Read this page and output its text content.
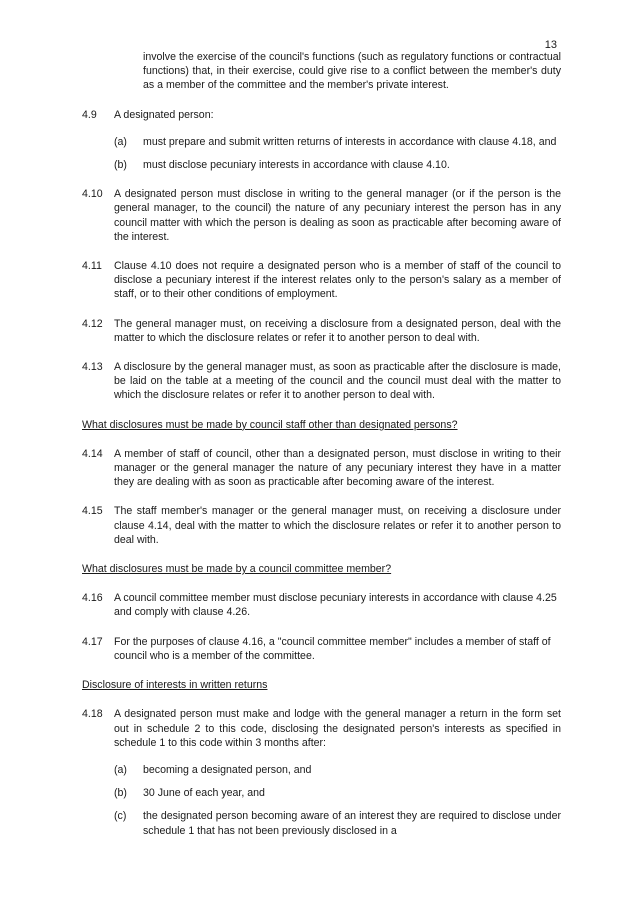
13

involve the exercise of the council's functions (such as regulatory functions or contractual functions) that, in their exercise, could give rise to a conflict between the member's duty as a member of the committee and the member's private interest.

4.9	A designated person:
(a)	must prepare and submit written returns of interests in accordance with clause 4.18, and
(b)	must disclose pecuniary interests in accordance with clause 4.10.
4.10	A designated person must disclose in writing to the general manager (or if the person is the general manager, to the council) the nature of any pecuniary interest the person has in any council matter with which the person is dealing as soon as practicable after becoming aware of the interest.
4.11	Clause 4.10 does not require a designated person who is a member of staff of the council to disclose a pecuniary interest if the interest relates only to the person's salary as a member of staff, or to their other conditions of employment.
4.12	The general manager must, on receiving a disclosure from a designated person, deal with the matter to which the disclosure relates or refer it to another person to deal with.
4.13	A disclosure by the general manager must, as soon as practicable after the disclosure is made, be laid on the table at a meeting of the council and the council must deal with the matter to which the disclosure relates or refer it to another person to deal with.

What disclosures must be made by council staff other than designated persons?

4.14	A member of staff of council, other than a designated person, must disclose in writing to their manager or the general manager the nature of any pecuniary interest they have in a matter they are dealing with as soon as practicable after becoming aware of the interest.
4.15	The staff member's manager or the general manager must, on receiving a disclosure under clause 4.14, deal with the matter to which the disclosure relates or refer it to another person to deal with.

What disclosures must be made by a council committee member?

4.16	A council committee member must disclose pecuniary interests in accordance with clause 4.25 and comply with clause 4.26.
4.17	For the purposes of clause 4.16, a "council committee member" includes a member of staff of council who is a member of the committee.

Disclosure of interests in written returns

4.18	A designated person must make and lodge with the general manager a return in the form set out in schedule 2 to this code, disclosing the designated person's interests as specified in schedule 1 to this code within 3 months after:
(a)	becoming a designated person, and
(b)	30 June of each year, and
(c)	the designated person becoming aware of an interest they are required to disclose under schedule 1 that has not been previously disclosed in a
